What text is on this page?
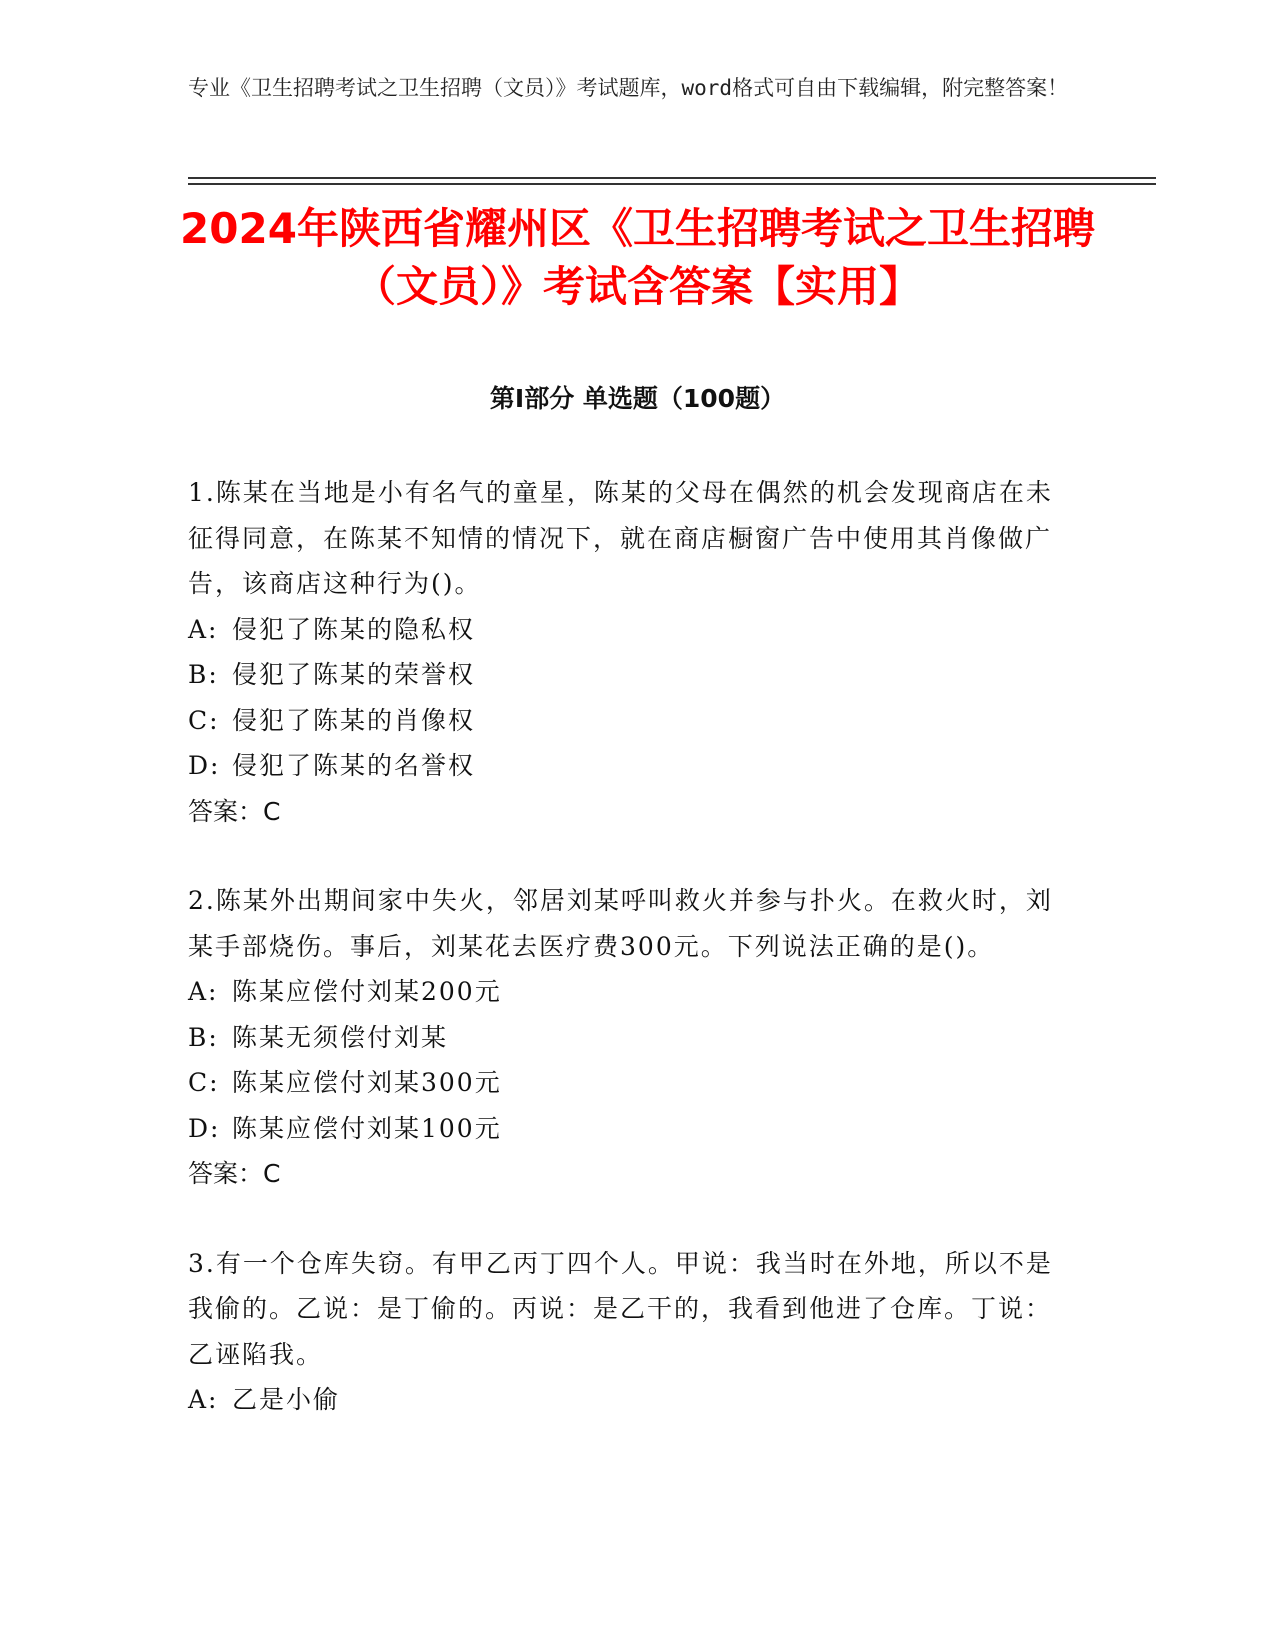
专业《卫生招聘考试之卫生招聘（文员）》考试题库，word格式可自由下载编辑，附完整答案！
2024年陕西省耀州区《卫生招聘考试之卫生招聘（文员）》考试含答案【实用】
第Ⅰ部分 单选题（100题）
1.陈某在当地是小有名气的童星，陈某的父母在偶然的机会发现商店在未征得同意，在陈某不知情的情况下，就在商店橱窗广告中使用其肖像做广告，该商店这种行为()。
A: 侵犯了陈某的隐私权
B: 侵犯了陈某的荣誉权
C: 侵犯了陈某的肖像权
D: 侵犯了陈某的名誉权
答案：C
2.陈某外出期间家中失火，邻居刘某呼叫救火并参与扑火。在救火时，刘某手部烧伤。事后，刘某花去医疗费300元。下列说法正确的是()。
A: 陈某应偿付刘某200元
B: 陈某无须偿付刘某
C: 陈某应偿付刘某300元
D: 陈某应偿付刘某100元
答案：C
3.有一个仓库失窃。有甲乙丙丁四个人。甲说：我当时在外地，所以不是我偷的。乙说：是丁偷的。丙说：是乙干的，我看到他进了仓库。丁说：乙诬陷我。
A: 乙是小偷
